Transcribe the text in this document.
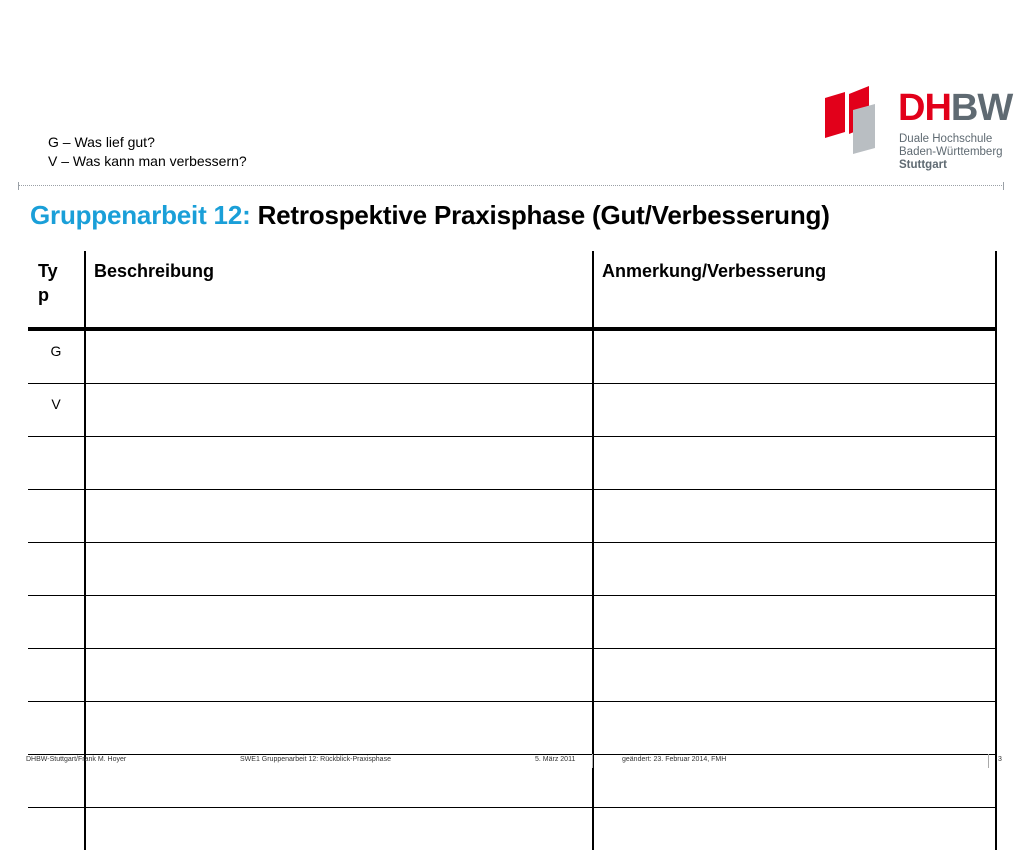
G – Was lief gut?
V – Was kann man verbessern?
DHBW
Duale Hochschule
Baden-Württemberg
Stuttgart
Gruppenarbeit 12: Retrospektive Praxisphase (Gut/Verbesserung)
Ty
p	Beschreibung	Anmerkung/Verbesserung
G		
V		

DHBW-Stuttgart/Frank M. Hoyer	SWE1 Gruppenarbeit 12: Rückblick-Praxisphase	5. März 2011	geändert: 23. Februar 2014, FMH	3
